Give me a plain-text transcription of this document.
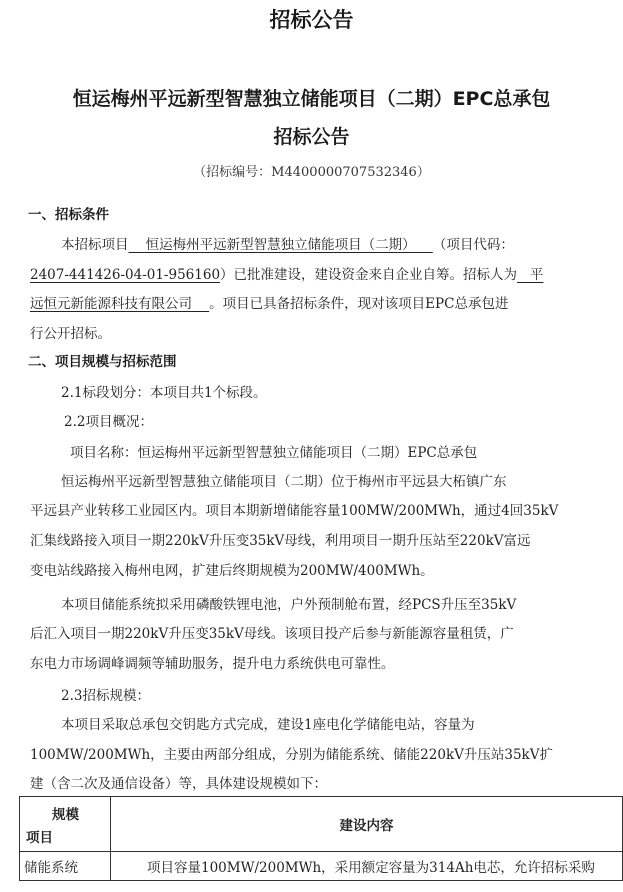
招标公告
恒运梅州平远新型智慧独立储能项目（二期）EPC总承包
招标公告
（招标编号：M4400000707532346）
一、招标条件
本招标项目 恒运梅州平远新型智慧独立储能项目（二期） （项目代码：
2407-441426-04-01-956160）已批准建设，建设资金来自企业自筹。招标人为 平
远恒元新能源科技有限公司 。项目已具备招标条件，现对该项目EPC总承包进
行公开招标。
二、项目规模与招标范围
2.1标段划分：本项目共1个标段。
2.2项目概况：
项目名称：恒运梅州平远新型智慧独立储能项目（二期）EPC总承包
恒运梅州平远新型智慧独立储能项目（二期）位于梅州市平远县大柘镇广东
平远县产业转移工业园区内。项目本期新增储能容量100MW/200MWh，通过4回35kV
汇集线路接入项目一期220kV升压变35kV母线，利用项目一期升压站至220kV富远
变电站线路接入梅州电网，扩建后终期规模为200MW/400MWh。
本项目储能系统拟采用磷酸铁锂电池，户外预制舱布置，经PCS升压至35kV
后汇入项目一期220kV升压变35kV母线。该项目投产后参与新能源容量租赁，广
东电力市场调峰调频等辅助服务，提升电力系统供电可靠性。
2.3招标规模：
本项目采取总承包交钥匙方式完成，建设1座电化学储能电站，容量为
100MW/200MWh，主要由两部分组成，分别为储能系统、储能220kV升压站35kV扩
建（含二次及通信设备）等，具体建设规模如下：
规模
项目	建设内容
储能系统	项目容量100MW/200MWh，采用额定容量为314Ah电芯，允许招标采购
